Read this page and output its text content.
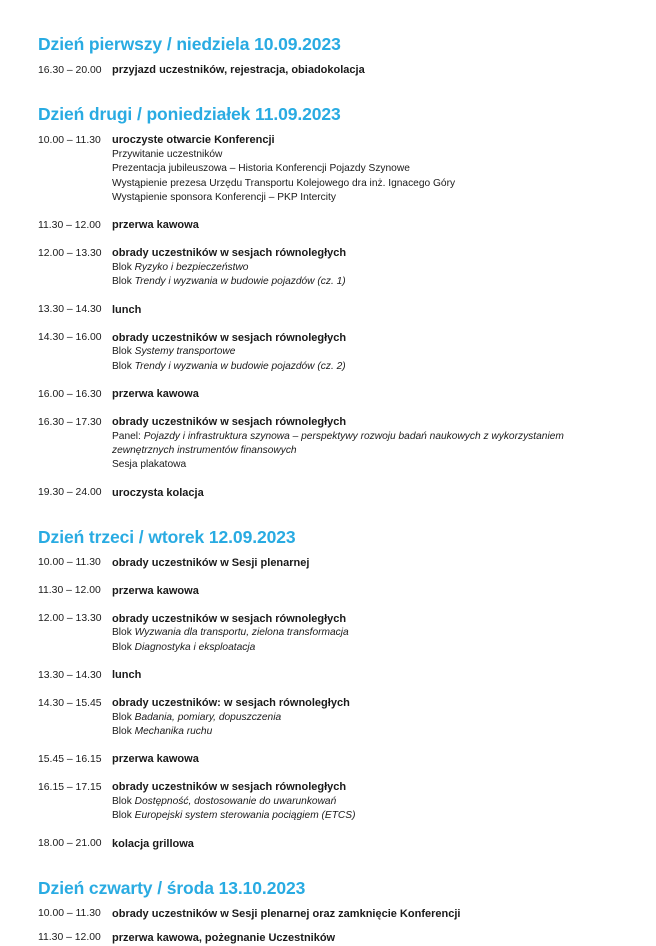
Dzień pierwszy / niedziela 10.09.2023
16.30 – 20.00 przyjazd uczestników, rejestracja, obiadokolacja
Dzień drugi / poniedziałek 11.09.2023
10.00 – 11.30	uroczyste otwarcie Konferencji
Przywitanie uczestników
Prezentacja jubileuszowa – Historia Konferencji Pojazdy Szynowe
Wystąpienie prezesa Urzędu Transportu Kolejowego dra inż. Ignacego Góry
Wystąpienie sponsora Konferencji – PKP Intercity
11.30 – 12.00	przerwa kawowa
12.00 – 13.30 obrady uczestników w sesjach równoległych
Blok Ryzyko i bezpieczeństwo
Blok Trendy i wyzwania w budowie pojazdów (cz. 1)
13.30 – 14.30 lunch
14.30 – 16.00 obrady uczestników w sesjach równoległych
Blok Systemy transportowe
Blok Trendy i wyzwania w budowie pojazdów (cz. 2)
16.00 – 16.30 przerwa kawowa
16.30 – 17.30 obrady uczestników w sesjach równoległych
Panel: Pojazdy i infrastruktura szynowa – perspektywy rozwoju badań naukowych z wykorzystaniem zewnętrznych instrumentów finansowych
Sesja plakatowa
19.30 – 24.00 uroczysta kolacja
Dzień trzeci / wtorek 12.09.2023
10.00 – 11.30	obrady uczestników w Sesji plenarnej
11.30 – 12.00	przerwa kawowa
12.00 – 13.30 obrady uczestników w sesjach równoległych
Blok Wyzwania dla transportu, zielona transformacja
Blok Diagnostyka i eksploatacja
13.30 – 14.30 lunch
14.30 – 15.45 obrady uczestników: w sesjach równoległych
Blok Badania, pomiary, dopuszczenia
Blok Mechanika ruchu
15.45 – 16.15 przerwa kawowa
16.15 – 17.15 obrady uczestników w sesjach równoległych
Blok Dostępność, dostosowanie do uwarunkowań
Blok Europejski system sterowania pociągiem (ETCS)
18.00 – 21.00 kolacja grillowa
Dzień czwarty / środa 13.10.2023
10.00 – 11.30	obrady uczestników w Sesji plenarnej oraz zamknięcie Konferencji
11.30 – 12.00	przerwa kawowa, pożegnanie Uczestników
